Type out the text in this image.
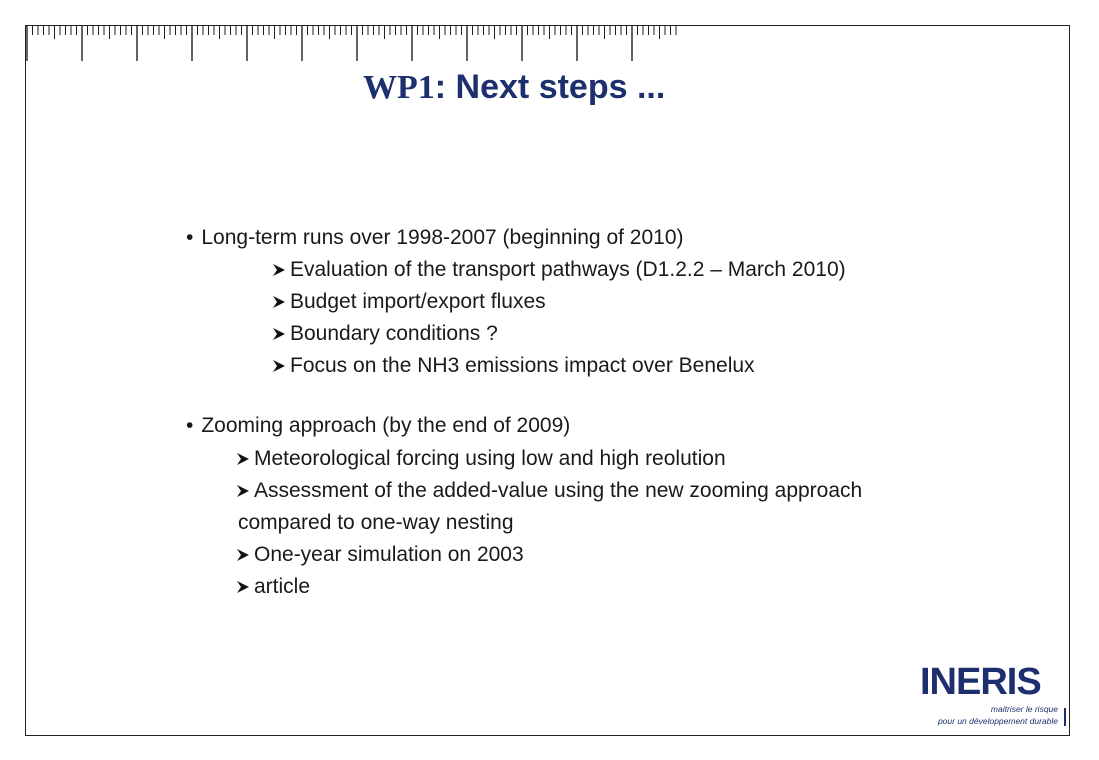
WP1: Next steps ...
• Long-term runs over 1998-2007 (beginning of 2010)
Evaluation of the transport pathways (D1.2.2 – March 2010)
Budget import/export fluxes
Boundary conditions ?
Focus on the NH3 emissions impact over Benelux
• Zooming approach (by the end of 2009)
Meteorological forcing using low and high reolution
Assessment of the added-value using the new zooming approach
compared to one-way nesting
One-year simulation on 2003
article
INERIS
maitriser le risque
pour un développement durable
